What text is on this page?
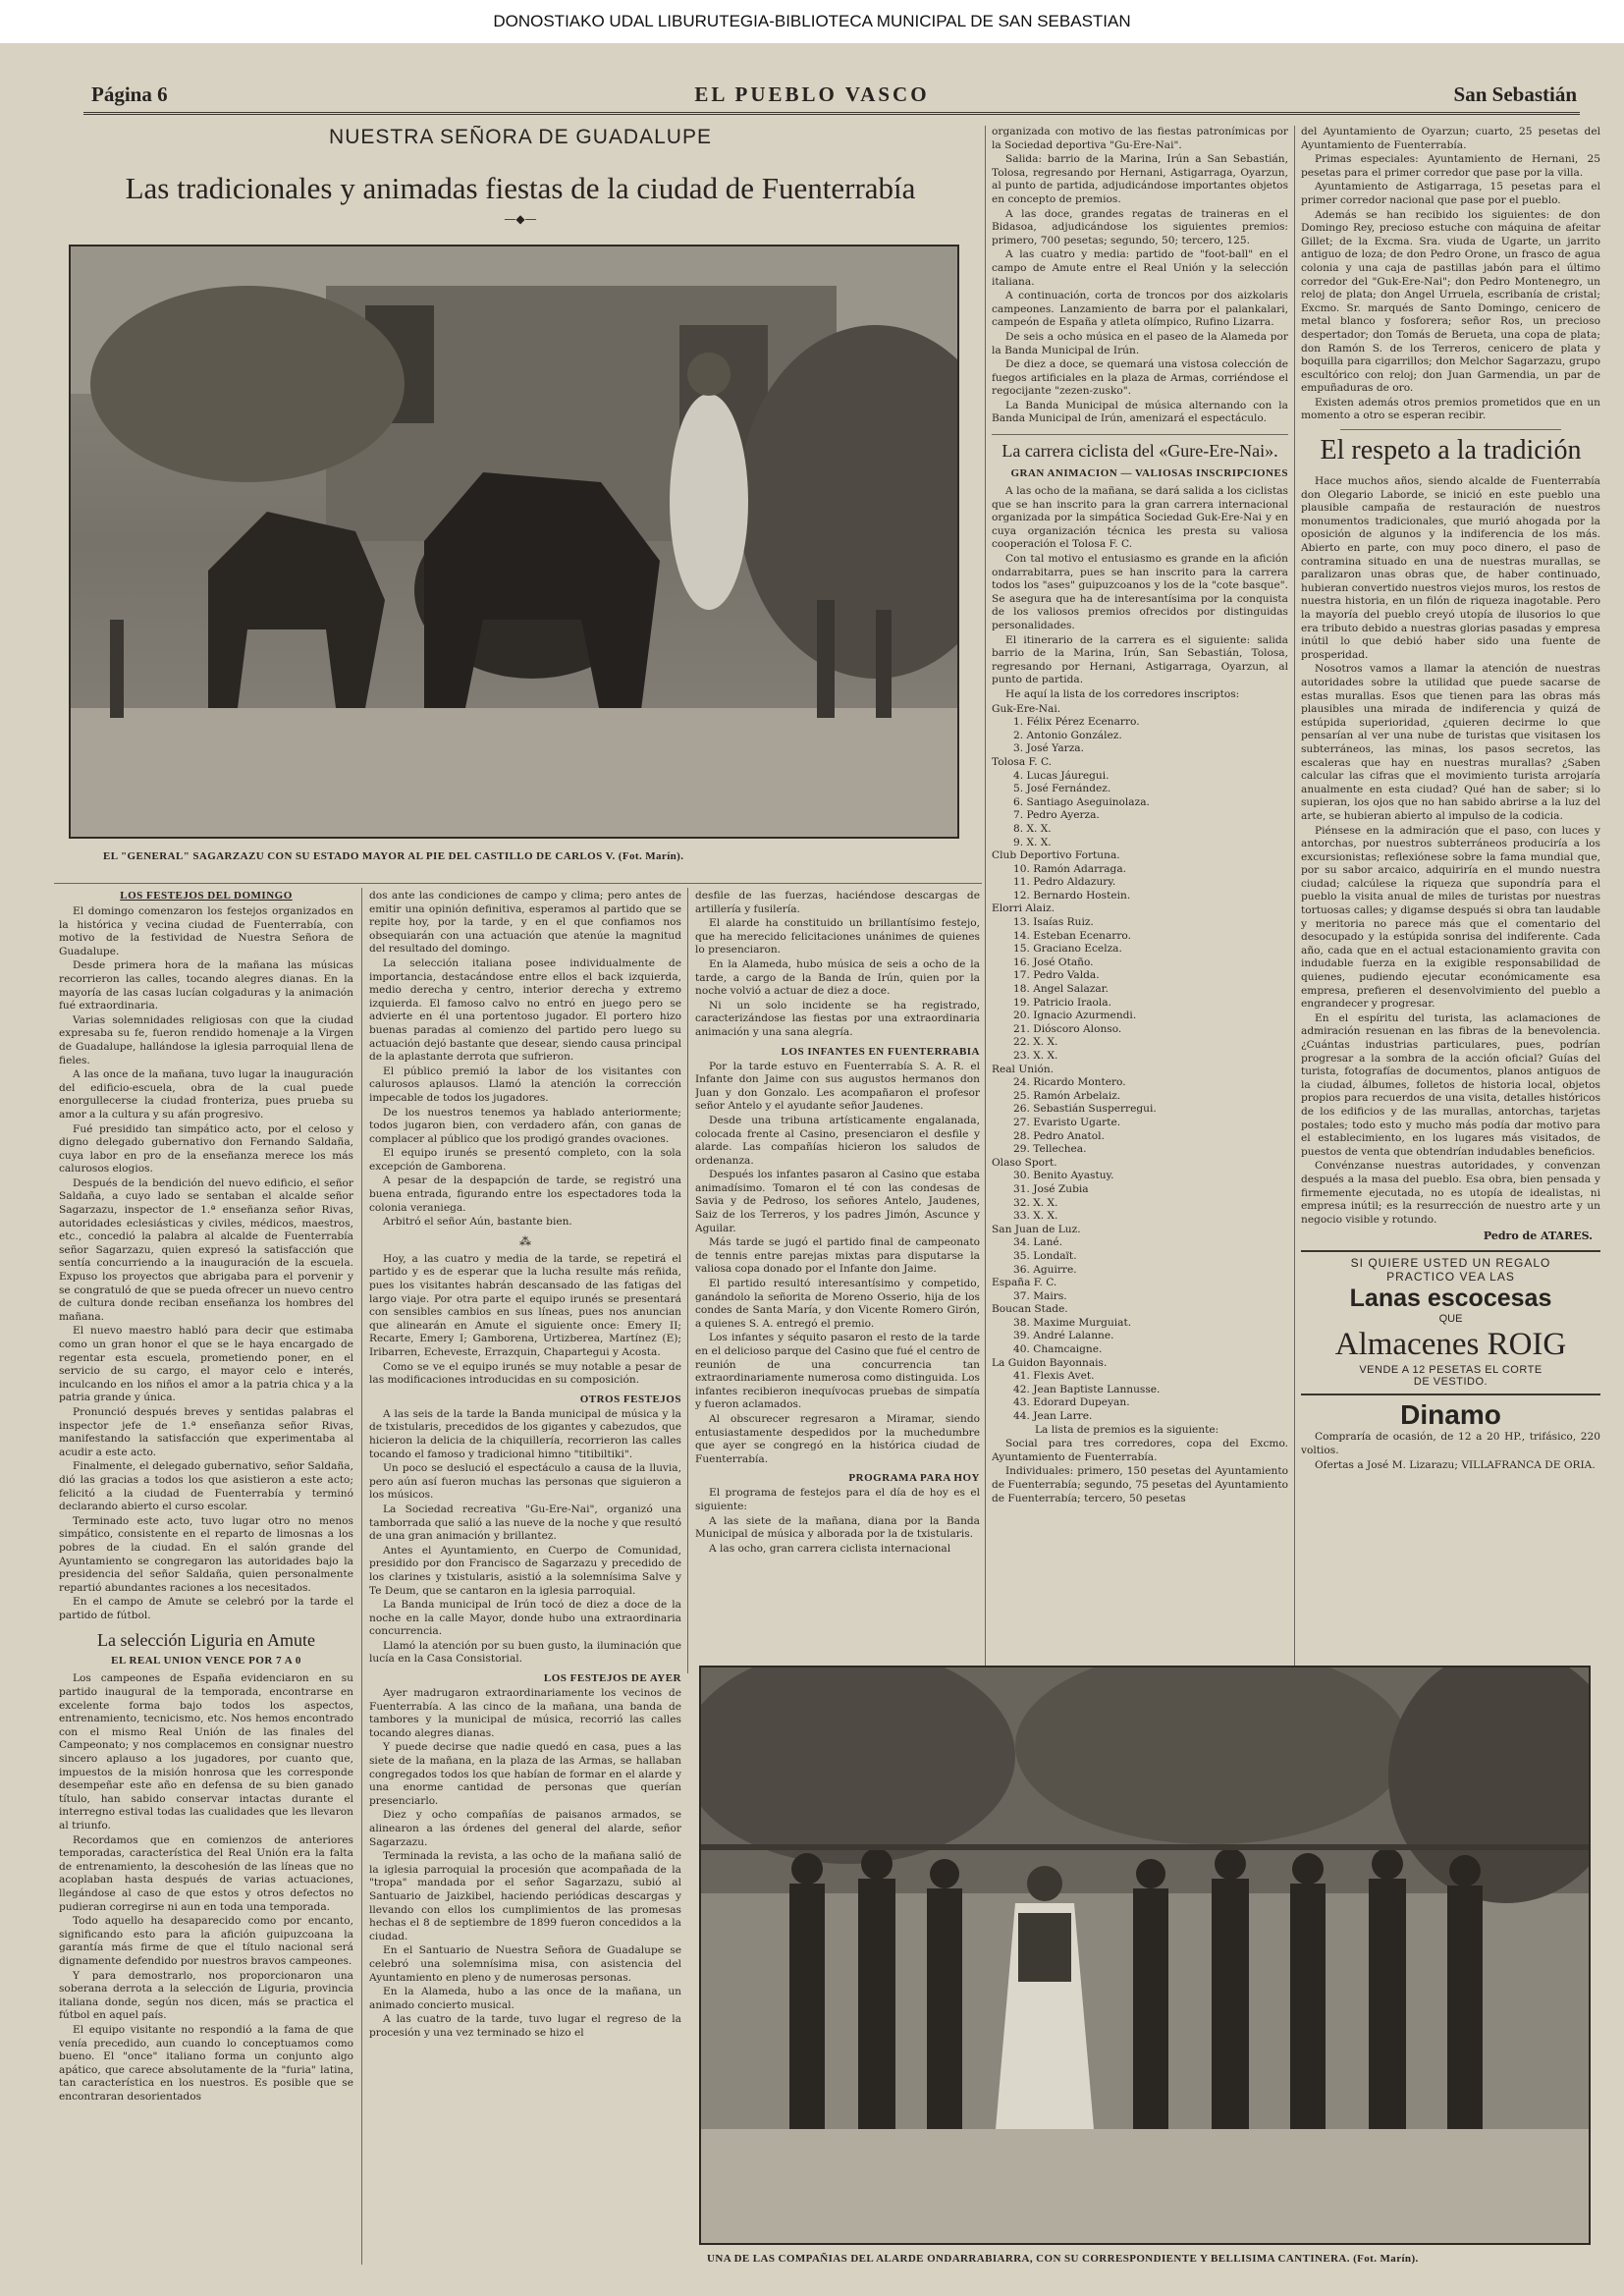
DONOSTIAKO UDAL LIBURUTEGIA-BIBLIOTECA MUNICIPAL DE SAN SEBASTIAN
Página 6	EL PUEBLO VASCO	San Sebastián
NUESTRA SEÑORA DE GUADALUPE
Las tradicionales y animadas fiestas de la ciudad de Fuenterrabía
—◆—
EL "GENERAL" SAGARZAZU CON SU ESTADO MAYOR AL PIE DEL CASTILLO DE CARLOS V. (Fot. Marín).
LOS FESTEJOS DEL DOMINGO

El domingo comenzaron los festejos organizados en la histórica y vecina ciudad de Fuenterrabía, con motivo de la festividad de Nuestra Señora de Guadalupe.

Desde primera hora de la mañana las músicas recorrieron las calles, tocando alegres dianas. En la mayoría de las casas lucían colgaduras y la animación fué extraordinaria.

Varias solemnidades religiosas con que la ciudad expresaba su fe, fueron rendido homenaje a la Virgen de Guadalupe, hallándose la iglesia parroquial llena de fieles.

A las once de la mañana, tuvo lugar la inauguración del edificio-escuela, obra de la cual puede enorgullecerse la ciudad fronteriza, pues prueba su amor a la cultura y su afán progresivo.

Fué presidido tan simpático acto, por el celoso y digno delegado gubernativo don Fernando Saldaña, cuya labor en pro de la enseñanza merece los más calurosos elogios.

Después de la bendición del nuevo edificio, el señor Saldaña, a cuyo lado se sentaban el alcalde señor Sagarzazu, inspector de 1.ª enseñanza señor Rivas, autoridades eclesiásticas y civiles, médicos, maestros, etc., concedió la palabra al alcalde de Fuenterrabía señor Sagarzazu, quien expresó la satisfacción que sentía concurriendo a la inauguración de la escuela. Expuso los proyectos que abrigaba para el porvenir y se congratuló de que se pueda ofrecer un nuevo centro de cultura donde reciban enseñanza los hombres del mañana.

El nuevo maestro habló para decir que estimaba como un gran honor el que se le haya encargado de regentar esta escuela, prometiendo poner, en el servicio de su cargo, el mayor celo e interés, inculcando en los niños el amor a la patria chica y a la patria grande y única.

Pronunció después breves y sentidas palabras el inspector jefe de 1.ª enseñanza señor Rivas, manifestando la satisfacción que experimentaba al acudir a este acto.

Finalmente, el delegado gubernativo, señor Saldaña, dió las gracias a todos los que asistieron a este acto; felicitó a la ciudad de Fuenterrabía y terminó declarando abierto el curso escolar.

Terminado este acto, tuvo lugar otro no menos simpático, consistente en el reparto de limosnas a los pobres de la ciudad. En el salón grande del Ayuntamiento se congregaron las autoridades bajo la presidencia del señor Saldaña, quien personalmente repartió abundantes raciones a los necesitados.

En el campo de Amute se celebró por la tarde el partido de fútbol.

La selección Liguria en Amute
EL REAL UNION VENCE POR 7 A 0

Los campeones de España evidenciaron en su partido inaugural de la temporada, encontrarse en excelente forma bajo todos los aspectos, entrenamiento, tecnicismo, etc. Nos hemos encontrado con el mismo Real Unión de las finales del Campeonato; y nos complacemos en consignar nuestro sincero aplauso a los jugadores, por cuanto que, impuestos de la misión honrosa que les corresponde desempeñar este año en defensa de su bien ganado título, han sabido conservar intactas durante el interregno estival todas las cualidades que les llevaron al triunfo.

Recordamos que en comienzos de anteriores temporadas, característica del Real Unión era la falta de entrenamiento, la descohesión de las líneas que no acoplaban hasta después de varias actuaciones, llegándose al caso de que estos y otros defectos no pudieran corregirse ni aun en toda una temporada.

Todo aquello ha desaparecido como por encanto, significando esto para la afición guipuzcoana la garantía más firme de que el título nacional será dignamente defendido por nuestros bravos campeones.

Y para demostrarlo, nos proporcionaron una soberana derrota a la selección de Liguria, provincia italiana donde, según nos dicen, más se practica el fútbol en aquel país.

El equipo visitante no respondió a la fama de que venía precedido, aun cuando lo conceptuamos como bueno. El "once" italiano forma un conjunto algo apático, que carece absolutamente de la "furia" latina, tan característica en los nuestros. Es posible que se encontraran desorientados

dos ante las condiciones de campo y clima; pero antes de emitir una opinión definitiva, esperamos al partido que se repite hoy, por la tarde, y en el que confiamos nos obsequiarán con una actuación que atenúe la magnitud del resultado del domingo.

La selección italiana posee individualmente de importancia, destacándose entre ellos el back izquierda, medio derecha y centro, interior derecha y extremo izquierda. El famoso calvo no entró en juego pero se advierte en él una portentoso jugador. El portero hizo buenas paradas al comienzo del partido pero luego su actuación dejó bastante que desear, siendo causa principal de la aplastante derrota que sufrieron.

El público premió la labor de los visitantes con calurosos aplausos. Llamó la atención la corrección impecable de todos los jugadores.

De los nuestros tenemos ya hablado anteriormente; todos jugaron bien, con verdadero afán, con ganas de complacer al público que los prodigó grandes ovaciones.

El equipo irunés se presentó completo, con la sola excepción de Gamborena.

A pesar de la despapción de tarde, se registró una buena entrada, figurando entre los espectadores toda la colonia veraniega.

Arbitró el señor Aún, bastante bien.

⁂

Hoy, a las cuatro y media de la tarde, se repetirá el partido y es de esperar que la lucha resulte más reñida, pues los visitantes habrán descansado de las fatigas del largo viaje. Por otra parte el equipo irunés se presentará con sensibles cambios en sus líneas, pues nos anuncian que alinearán en Amute el siguiente once: Emery II; Recarte, Emery I; Gamborena, Urtizberea, Martínez (E); Iribarren, Echeveste, Errazquin, Chapartegui y Acosta.

Como se ve el equipo irunés se muy notable a pesar de las modificaciones introducidas en su composición.

OTROS FESTEJOS

A las seis de la tarde la Banda municipal de música y la de txistularis, precedidos de los gigantes y cabezudos, que hicieron la delicia de la chiquillería, recorrieron las calles tocando el famoso y tradicional himno "titibiltiki".

Un poco se deslució el espectáculo a causa de la lluvia, pero aún así fueron muchas las personas que siguieron a los músicos.

La Sociedad recreativa "Gu-Ere-Nai", organizó una tamborrada que salió a las nueve de la noche y que resultó de una gran animación y brillantez.

Antes el Ayuntamiento, en Cuerpo de Comunidad, presidido por don Francisco de Sagarzazu y precedido de los clarines y txistularis, asistió a la solemnísima Salve y Te Deum, que se cantaron en la iglesia parroquial.

La Banda municipal de Irún tocó de diez a doce de la noche en la calle Mayor, donde hubo una extraordinaria concurrencia.

Llamó la atención por su buen gusto, la iluminación que lucía en la Casa Consistorial.

LOS FESTEJOS DE AYER

Ayer madrugaron extraordinariamente los vecinos de Fuenterrabía. A las cinco de la mañana, una banda de tambores y la municipal de música, recorrió las calles tocando alegres dianas.

Y puede decirse que nadie quedó en casa, pues a las siete de la mañana, en la plaza de las Armas, se hallaban congregados todos los que habían de formar en el alarde y una enorme cantidad de personas que querían presenciarlo.

Diez y ocho compañías de paisanos armados, se alinearon a las órdenes del general del alarde, señor Sagarzazu.

Terminada la revista, a las ocho de la mañana salió de la iglesia parroquial la procesión que acompañada de la "tropa" mandada por el señor Sagarzazu, subió al Santuario de Jaizkibel, haciendo periódicas descargas y llevando con ellos los cumplimientos de las promesas hechas el 8 de septiembre de 1899 fueron concedidos a la ciudad.

En el Santuario de Nuestra Señora de Guadalupe se celebró una solemnísima misa, con asistencia del Ayuntamiento en pleno y de numerosas personas.

En la Alameda, hubo a las once de la mañana, un animado concierto musical.

A las cuatro de la tarde, tuvo lugar el regreso de la procesión y una vez terminado se hizo el

desfile de las fuerzas, haciéndose descargas de artillería y fusilería.

El alarde ha constituido un brillantísimo festejo, que ha merecido felicitaciones unánimes de quienes lo presenciaron.

En la Alameda, hubo música de seis a ocho de la tarde, a cargo de la Banda de Irún, quien por la noche volvió a actuar de diez a doce.

Ni un solo incidente se ha registrado, caracterizándose las fiestas por una extraordinaria animación y una sana alegría.

LOS INFANTES EN FUENTERRABIA

Por la tarde estuvo en Fuenterrabía S. A. R. el Infante don Jaime con sus augustos hermanos don Juan y don Gonzalo. Les acompañaron el profesor señor Antelo y el ayudante señor Jaudenes.

Desde una tribuna artísticamente engalanada, colocada frente al Casino, presenciaron el desfile y alarde. Las compañías hicieron los saludos de ordenanza.

Después los infantes pasaron al Casino que estaba animadísimo. Tomaron el té con las condesas de Savia y de Pedroso, los señores Antelo, Jaudenes, Saiz de los Terreros, y los padres Jimón, Ascunce y Aguilar.

Más tarde se jugó el partido final de campeonato de tennis entre parejas mixtas para disputarse la valiosa copa donado por el Infante don Jaime.

El partido resultó interesantísimo y competido, ganándolo la señorita de Moreno Osserio, hija de los condes de Santa María, y don Vicente Romero Girón, a quienes S. A. entregó el premio.

Los infantes y séquito pasaron el resto de la tarde en el delicioso parque del Casino que fué el centro de reunión de una concurrencia tan extraordinariamente numerosa como distinguida. Los infantes recibieron inequívocas pruebas de simpatía y fueron aclamados.

Al obscurecer regresaron a Miramar, siendo entusiastamente despedidos por la muchedumbre que ayer se congregó en la histórica ciudad de Fuenterrabía.

PROGRAMA PARA HOY

El programa de festejos para el día de hoy es el siguiente:

A las siete de la mañana, diana por la Banda Municipal de música y alborada por la de txistularis.

A las ocho, gran carrera ciclista internacional

organizada con motivo de las fiestas patronímicas por la Sociedad deportiva "Gu-Ere-Nai".

Salida: barrio de la Marina, Irún a San Sebastián, Tolosa, regresando por Hernani, Astigarraga, Oyarzun, al punto de partida, adjudicándose importantes objetos en concepto de premios.

A las doce, grandes regatas de traineras en el Bidasoa, adjudicándose los siguientes premios: primero, 700 pesetas; segundo, 50; tercero, 125.

A las cuatro y media: partido de "foot-ball" en el campo de Amute entre el Real Unión y la selección italiana.

A continuación, corta de troncos por dos aizkolaris campeones. Lanzamiento de barra por el palankalari, campeón de España y atleta olímpico, Rufino Lizarra.

De seis a ocho música en el paseo de la Alameda por la Banda Municipal de Irún.

De diez a doce, se quemará una vistosa colección de fuegos artificiales en la plaza de Armas, corriéndose el regocijante "zezen-zusko".

La Banda Municipal de música alternando con la Banda Municipal de Irún, amenizará el espectáculo.

La carrera ciclista del «Gure-Ere-Nai».
GRAN ANIMACION — VALIOSAS INSCRIPCIONES

A las ocho de la mañana, se dará salida a los ciclistas que se han inscrito para la gran carrera internacional organizada por la simpática Sociedad Guk-Ere-Nai y en cuya organización técnica les presta su valiosa cooperación el Tolosa F. C.

Con tal motivo el entusiasmo es grande en la afición ondarrabitarra, pues se han inscrito para la carrera todos los "ases" guipuzcoanos y los de la "cote basque". Se asegura que ha de interesantísima por la conquista de los valiosos premios ofrecidos por distinguidas personalidades.

El itinerario de la carrera es el siguiente: salida barrio de la Marina, Irún, San Sebastián, Tolosa, regresando por Hernani, Astigarraga, Oyarzun, al punto de partida.

He aquí la lista de los corredores inscriptos:

Guk-Ere-Nai.
1. Félix Pérez Ecenarro.
2. Antonio González.
3. José Yarza.
Tolosa F. C.
4. Lucas Jáuregui.
5. José Fernández.
6. Santiago Aseguinolaza.
7. Pedro Ayerza.
8. X. X.
9. X. X.
Club Deportivo Fortuna.
10. Ramón Adarraga.
11. Pedro Aldazury.
12. Bernardo Hostein.
Elorri Alaiz.
13. Isaías Ruiz.
14. Esteban Ecenarro.
15. Graciano Ecelza.
16. José Otaño.
17. Pedro Valda.
18. Angel Salazar.
19. Patricio Iraola.
20. Ignacio Azurmendi.
21. Dióscoro Alonso.
22. X. X.
23. X. X.
Real Unión.
24. Ricardo Montero.
25. Ramón Arbelaiz.
26. Sebastián Susperregui.
27. Evaristo Ugarte.
28. Pedro Anatol.
29. Tellechea.
Olaso Sport.
30. Benito Ayastuy.
31. José Zubia
32. X. X.
33. X. X.
San Juan de Luz.
34. Lané.
35. Londaït.
36. Aguirre.
España F. C.
37. Mairs.
Boucan Stade.
38. Maxime Murguiat.
39. André Lalanne.
40. Chamcaigne.
La Guidon Bayonnais.
41. Flexis Avet.
42. Jean Baptiste Lannusse.
43. Edorard Dupeyan.
44. Jean Larre.

La lista de premios es la siguiente:

Social para tres corredores, copa del Excmo. Ayuntamiento de Fuenterrabía.

Individuales: primero, 150 pesetas del Ayuntamiento de Fuenterrabía; segundo, 75 pesetas del Ayuntamiento de Fuenterrabía; tercero, 50 pesetas

del Ayuntamiento de Oyarzun; cuarto, 25 pesetas del Ayuntamiento de Fuenterrabía.

Primas especiales: Ayuntamiento de Hernani, 25 pesetas para el primer corredor que pase por la villa.

Ayuntamiento de Astigarraga, 15 pesetas para el primer corredor nacional que pase por el pueblo.

Además se han recibido los siguientes: de don Domingo Rey, precioso estuche con máquina de afeitar Gillet; de la Excma. Sra. viuda de Ugarte, un jarrito antiguo de loza; de don Pedro Orone, un frasco de agua colonia y una caja de pastillas jabón para el último corredor del "Guk-Ere-Nai"; don Pedro Montenegro, un reloj de plata; don Angel Urruela, escribanía de cristal; Excmo. Sr. marqués de Santo Domingo, cenicero de metal blanco y fosforera; señor Ros, un precioso despertador; don Tomás de Berueta, una copa de plata; don Ramón S. de los Terreros, cenicero de plata y boquilla para cigarrillos; don Melchor Sagarzazu, grupo escultórico con reloj; don Juan Garmendia, un par de empuñaduras de oro.

Existen además otros premios prometidos que en un momento a otro se esperan recibir.

El respeto a la tradición

Hace muchos años, siendo alcalde de Fuenterrabía don Olegario Laborde, se inició en este pueblo una plausible campaña de restauración de nuestros monumentos tradicionales, que murió ahogada por la oposición de algunos y la indiferencia de los más. Abierto en parte, con muy poco dinero, el paso de contramina situado en una de nuestras murallas, se paralizaron unas obras que, de haber continuado, hubieran convertido nuestros viejos muros, los restos de nuestra historia, en un filón de riqueza inagotable. Pero la mayoría del pueblo creyó utopía de ilusorios lo que era tributo debido a nuestras glorias pasadas y empresa inútil lo que debió haber sido una fuente de prosperidad.

Nosotros vamos a llamar la atención de nuestras autoridades sobre la utilidad que puede sacarse de estas murallas. Esos que tienen para las obras más plausibles una mirada de indiferencia y quizá de estúpida superioridad, ¿quieren decirme lo que pensarían al ver una nube de turistas que visitasen los subterráneos, las minas, los pasos secretos, las escaleras que hay en nuestras murallas? ¿Saben calcular las cifras que el movimiento turista arrojaría anualmente en esta ciudad? Qué han de saber; si lo supieran, los ojos que no han sabido abrirse a la luz del arte, se hubieran abierto al impulso de la codicia.

Piénsese en la admiración que el paso, con luces y antorchas, por nuestros subterráneos produciría a los excursionistas; reflexiónese sobre la fama mundial que, por su sabor arcaico, adquiriría en el mundo nuestra ciudad; calcúlese la riqueza que supondría para el pueblo la visita anual de miles de turistas por nuestras tortuosas calles; y digamse después si obra tan laudable y meritoria no parece más que el comentario del desocupado y la estúpida sonrisa del indiferente. Cada año, cada que en el actual estacionamiento gravita con indudable fuerza en la exigible responsabilidad de quienes, pudiendo ejecutar económicamente esa empresa, prefieren el desenvolvimiento del pueblo a engrandecer y progresar.

En el espíritu del turista, las aclamaciones de admiración resuenan en las fibras de la benevolencia. ¿Cuántas industrias particulares, pues, podrían progresar a la sombra de la acción oficial? Guías del turista, fotografías de documentos, planos antiguos de la ciudad, álbumes, folletos de historia local, objetos propios para recuerdos de una visita, detalles históricos de los edificios y de las murallas, antorchas, tarjetas postales; todo esto y mucho más podía dar motivo para el establecimiento, en los lugares más visitados, de puestos de venta que obtendrían indudables beneficios.

Convénzanse nuestras autoridades, y convenzan después a la masa del pueblo. Esa obra, bien pensada y firmemente ejecutada, no es utopía de idealistas, ni empresa inútil; es la resurrección de nuestro arte y un negocio visible y rotundo.

Pedro de ATARES.
SI QUIERE USTED UN REGALO
PRACTICO VEA LAS
Lanas escocesas
QUE
Almacenes ROIG
VENDE A 12 PESETAS EL CORTE
DE VESTIDO.
Dinamo

Compraría de ocasión, de 12 a 20 HP., trifásico, 220 voltios.

Ofertas a José M. Lizarazu; VILLAFRANCA DE ORIA.

UNA DE LAS COMPAÑIAS DEL ALARDE ONDARRABIARRA, CON SU CORRESPONDIENTE Y BELLISIMA CANTINERA. (Fot. Marín).
